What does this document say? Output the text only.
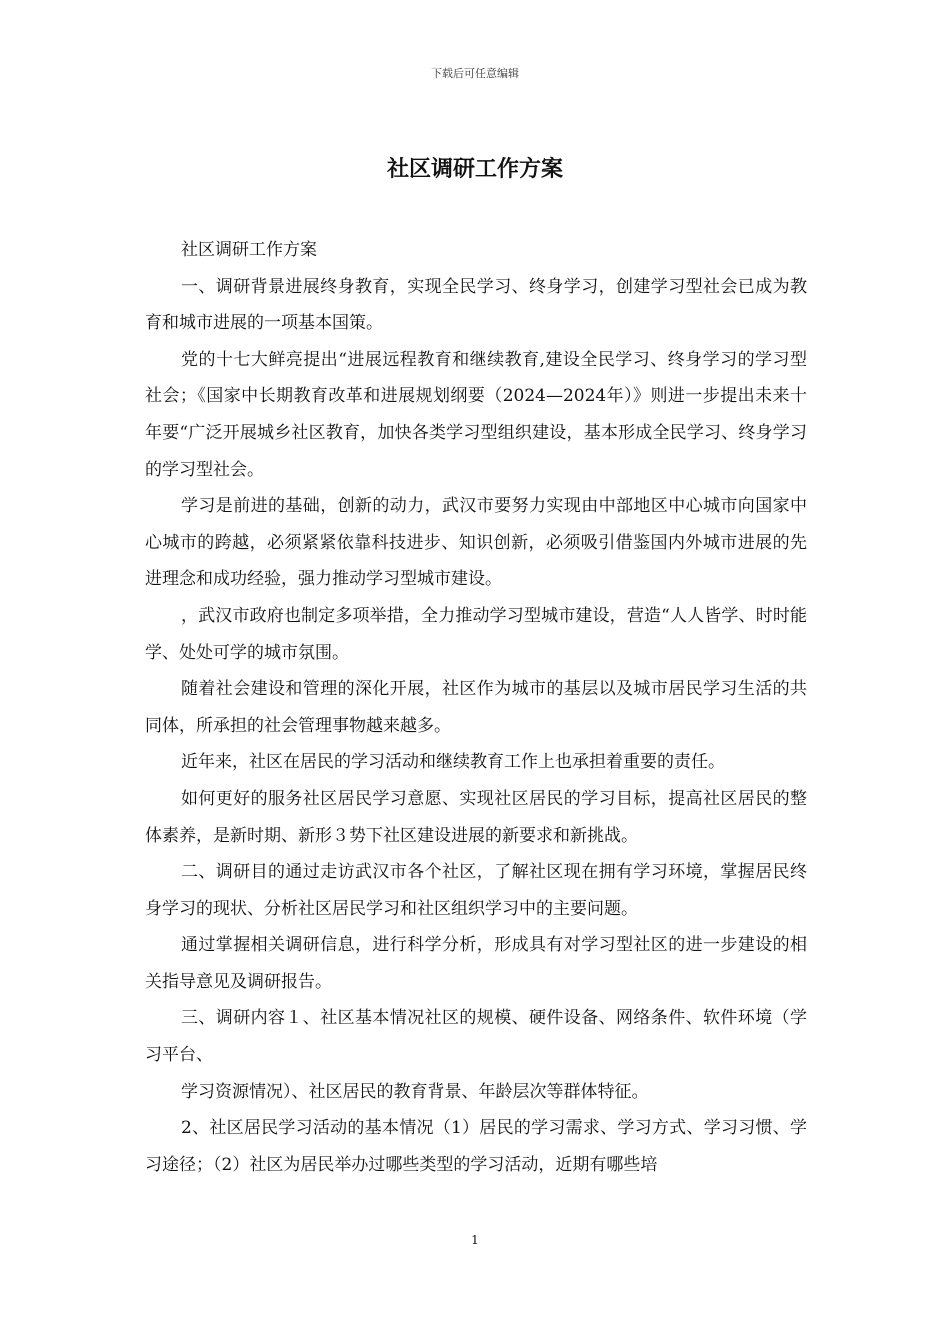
下载后可任意编辑
社区调研工作方案

社区调研工作方案

一、调研背景进展终身教育，实现全民学习、终身学习，创建学习型社会已成为教育和城市进展的一项基本国策。

党的十七大鲜亮提出“进展远程教育和继续教育,建设全民学习、终身学习的学习型社会；《国家中长期教育改革和进展规划纲要（2024—2024年）》则进一步提出未来十年要“广泛开展城乡社区教育，加快各类学习型组织建设，基本形成全民学习、终身学习的学习型社会。

学习是前进的基础，创新的动力，武汉市要努力实现由中部地区中心城市向国家中心城市的跨越，必须紧紧依靠科技进步、知识创新，必须吸引借鉴国内外城市进展的先进理念和成功经验，强力推动学习型城市建设。

，武汉市政府也制定多项举措，全力推动学习型城市建设，营造“人人皆学、时时能学、处处可学的城市氛围。

随着社会建设和管理的深化开展，社区作为城市的基层以及城市居民学习生活的共同体，所承担的社会管理事物越来越多。

近年来，社区在居民的学习活动和继续教育工作上也承担着重要的责任。

如何更好的服务社区居民学习意愿、实现社区居民的学习目标，提高社区居民的整体素养，是新时期、新形３势下社区建设进展的新要求和新挑战。

二、调研目的通过走访武汉市各个社区，了解社区现在拥有学习环境，掌握居民终身学习的现状、分析社区居民学习和社区组织学习中的主要问题。

通过掌握相关调研信息，进行科学分析，形成具有对学习型社区的进一步建设的相关指导意见及调研报告。

三、调研内容１、社区基本情况社区的规模、硬件设备、网络条件、软件环境（学习平台、

学习资源情况）、社区居民的教育背景、年龄层次等群体特征。

2、社区居民学习活动的基本情况（1）居民的学习需求、学习方式、学习习惯、学习途径；（2）社区为居民举办过哪些类型的学习活动，近期有哪些培

1
